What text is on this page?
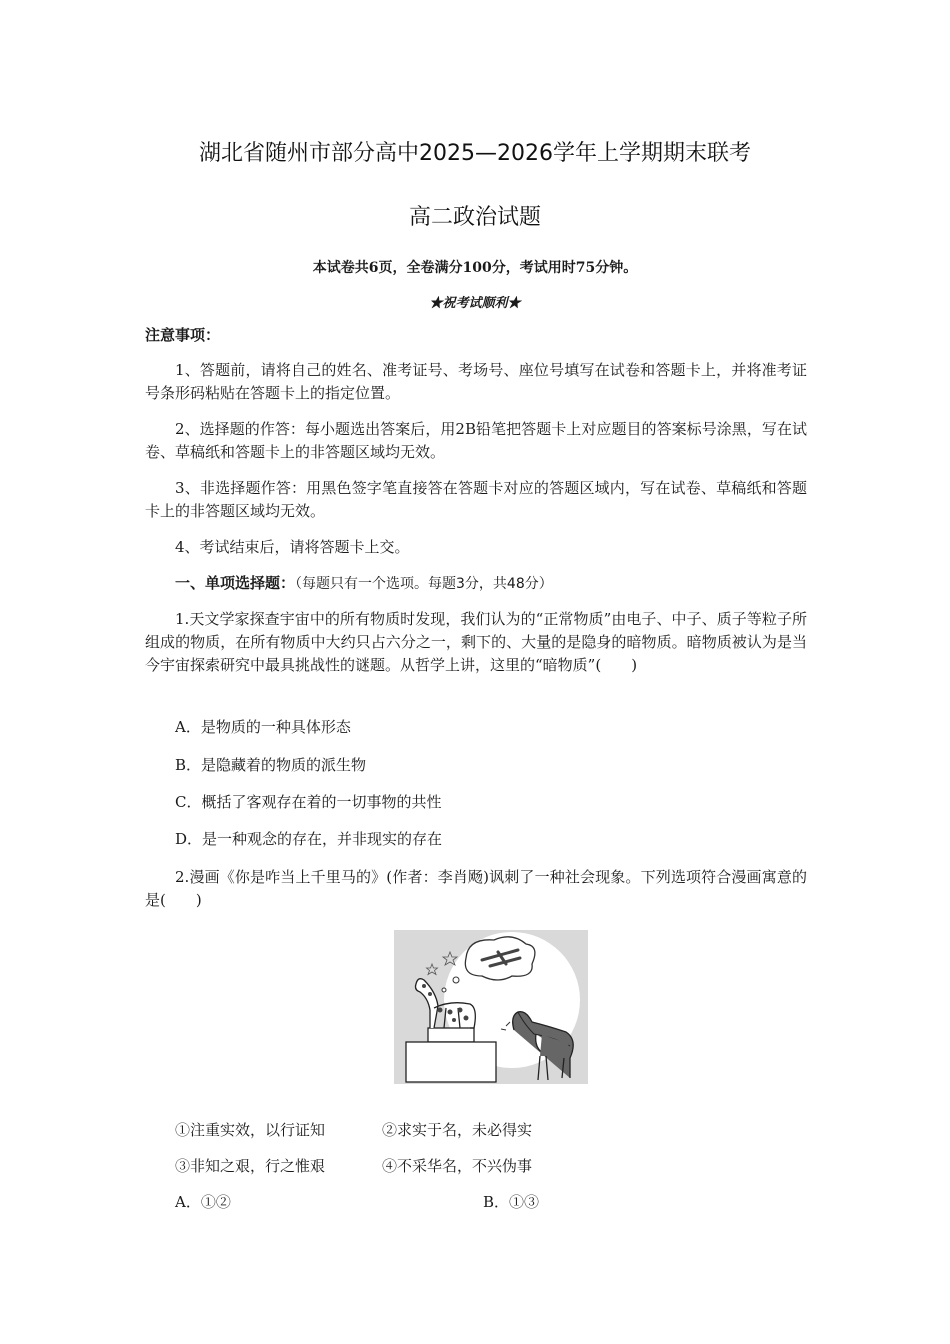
湖北省随州市部分高中2025—2026学年上学期期末联考
高二政治试题
本试卷共6页，全卷满分100分，考试用时75分钟。
★祝考试顺利★
注意事项：
1、答题前，请将自己的姓名、准考证号、考场号、座位号填写在试卷和答题卡上，并将准考证号条形码粘贴在答题卡上的指定位置。
2、选择题的作答：每小题选出答案后，用2B铅笔把答题卡上对应题目的答案标号涂黑，写在试卷、草稿纸和答题卡上的非答题区域均无效。
3、非选择题作答：用黑色签字笔直接答在答题卡对应的答题区域内，写在试卷、草稿纸和答题卡上的非答题区域均无效。
4、考试结束后，请将答题卡上交。
一、单项选择题：（每题只有一个选项。每题3分，共48分）
1.天文学家探查宇宙中的所有物质时发现，我们认为的“正常物质”由电子、中子、质子等粒子所组成的物质，在所有物质中大约只占六分之一，剩下的、大量的是隐身的暗物质。暗物质被认为是当今宇宙探索研究中最具挑战性的谜题。从哲学上讲，这里的“暗物质”(　　)
A．是物质的一种具体形态
B．是隐藏着的物质的派生物
C．概括了客观存在着的一切事物的共性
D．是一种观念的存在，并非现实的存在
2.漫画《你是咋当上千里马的》(作者：李肖飏)讽刺了一种社会现象。下列选项符合漫画寓意的是(　　)
①注重实效，以行证知	②求实于名，未必得实
③非知之艰，行之惟艰	④不采华名，不兴伪事
A．①②	B．①③
